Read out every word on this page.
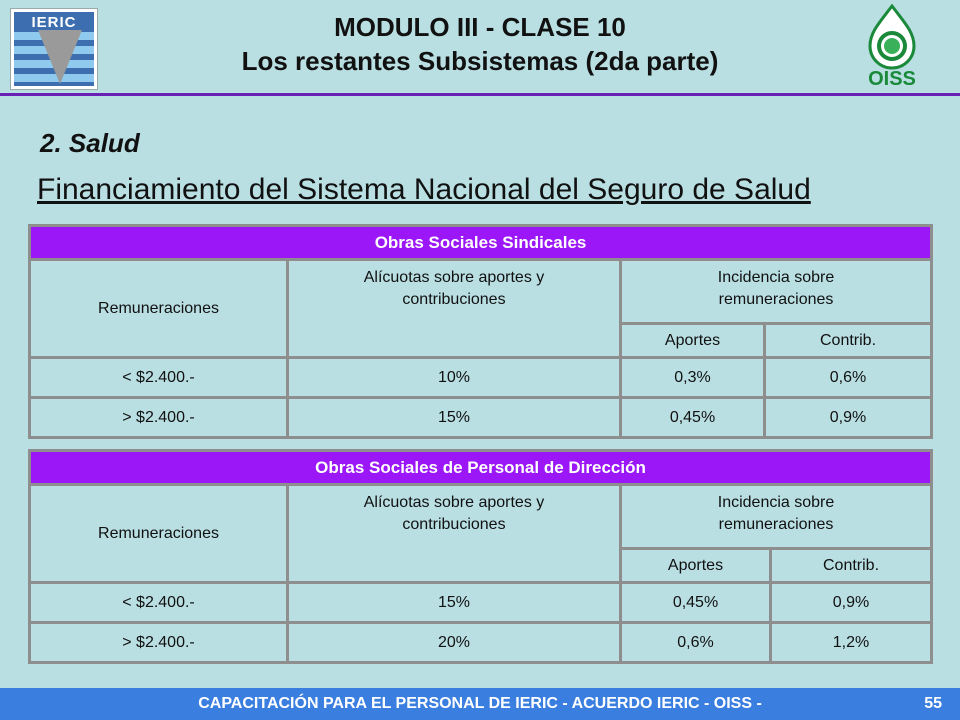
IERIC	MODULO III - CLASE 10
Los restantes Subsistemas (2da parte)
OISS
2. Salud
Financiamiento del Sistema Nacional del Seguro de Salud
Obras Sociales Sindicales			
Remuneraciones	Alícuotas sobre aportes y contribuciones	Incidencia sobre remuneraciones	
		Aportes	Contrib.
< $2.400.-	10%	0,3%	0,6%
> $2.400.-	15%	0,45%	0,9%
Obras Sociales de Personal de Dirección			
Remuneraciones	Alícuotas sobre aportes y contribuciones	Incidencia sobre remuneraciones	
		Aportes	Contrib.
< $2.400.-	15%	0,45%	0,9%
> $2.400.-	20%	0,6%	1,2%
CAPACITACIÓN PARA EL PERSONAL DE IERIC - ACUERDO IERIC - OISS -	55
